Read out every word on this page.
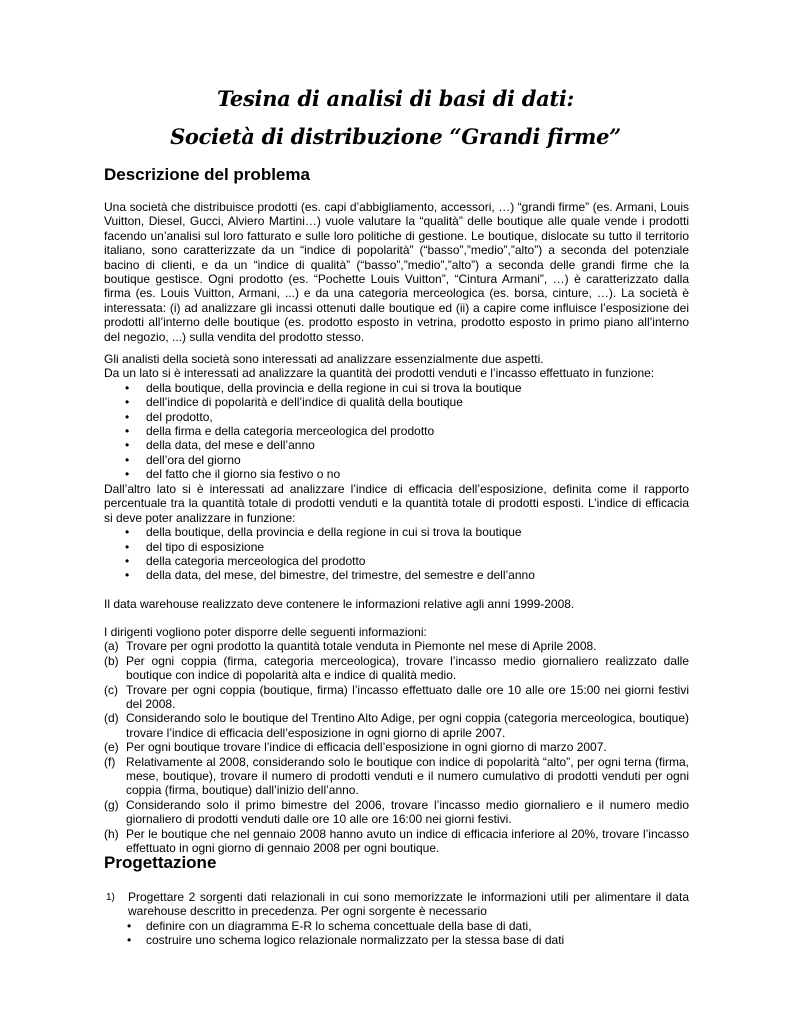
Tesina di analisi di basi di dati:
Società di distribuzione “Grandi firme”
Descrizione del problema

Una società che distribuisce prodotti (es. capi d’abbigliamento, accessori, …) “grandi firme” (es. Armani, Louis Vuitton, Diesel, Gucci, Alviero Martini…) vuole valutare la “qualità” delle boutique alle quale vende i prodotti facendo un’analisi sul loro fatturato e sulle loro politiche di gestione. Le boutique, dislocate su tutto il territorio italiano, sono caratterizzate da un “indice di popolarità” (“basso”,”medio”,”alto”) a seconda del potenziale bacino di clienti, e da un “indice di qualità” (“basso”,”medio”,”alto”) a seconda delle grandi firme che la boutique gestisce. Ogni prodotto (es. “Pochette Louis Vuitton”, “Cintura Armani”, …) è caratterizzato dalla firma (es. Louis Vuitton, Armani, ...) e da una categoria merceologica (es. borsa, cinture, …). La società è interessata: (i) ad analizzare gli incassi ottenuti dalle boutique ed (ii) a capire come influisce l’esposizione dei prodotti all’interno delle boutique (es. prodotto esposto in vetrina, prodotto esposto in primo piano all’interno del negozio, ...) sulla vendita del prodotto stesso.

Gli analisti della società sono interessati ad analizzare essenzialmente due aspetti.
Da un lato si è interessati ad analizzare la quantità dei prodotti venduti e l’incasso effettuato in funzione:
• della boutique, della provincia e della regione in cui si trova la boutique
• dell’indice di popolarità e dell’indice di qualità della boutique
• del prodotto,
• della firma e della categoria merceologica del prodotto
• della data, del mese e dell’anno
• dell’ora del giorno
• del fatto che il giorno sia festivo o no

Dall’altro lato si è interessati ad analizzare l’indice di efficacia dell’esposizione, definita come il rapporto percentuale tra la quantità totale di prodotti venduti e la quantità totale di prodotti esposti. L’indice di efficacia si deve poter analizzare in funzione:

• della boutique, della provincia e della regione in cui si trova la boutique
• del tipo di esposizione
• della categoria merceologica del prodotto
• della data, del mese, del bimestre, del trimestre, del semestre e dell’anno
Il data warehouse realizzato deve contenere le informazioni relative agli anni 1999-2008.
I dirigenti vogliono poter disporre delle seguenti informazioni:
(a) Trovare per ogni prodotto la quantità totale venduta in Piemonte nel mese di Aprile 2008.
(b) Per ogni coppia (firma, categoria merceologica), trovare l’incasso medio giornaliero realizzato dalle boutique con indice di popolarità alta e indice di qualità medio.
(c) Trovare per ogni coppia (boutique, firma) l’incasso effettuato dalle ore 10 alle ore 15:00 nei giorni festivi del 2008.
(d) Considerando solo le boutique del Trentino Alto Adige, per ogni coppia (categoria merceologica, boutique) trovare l’indice di efficacia dell’esposizione in ogni giorno di aprile 2007.
(e) Per ogni boutique trovare l’indice di efficacia dell’esposizione in ogni giorno di marzo 2007.
(f) Relativamente al 2008, considerando solo le boutique con indice di popolarità “alto”, per ogni terna (firma, mese, boutique), trovare il numero di prodotti venduti e il numero cumulativo di prodotti venduti per ogni coppia (firma, boutique) dall’inizio dell’anno.
(g) Considerando solo il primo bimestre del 2006, trovare l’incasso medio giornaliero e il numero medio giornaliero di prodotti venduti dalle ore 10 alle ore 16:00 nei giorni festivi.
(h) Per le boutique che nel gennaio 2008 hanno avuto un indice di efficacia inferiore al 20%, trovare l’incasso effettuato in ogni giorno di gennaio 2008 per ogni boutique.
Progettazione
1) Progettare 2 sorgenti dati relazionali in cui sono memorizzate le informazioni utili per alimentare il data warehouse descritto in precedenza. Per ogni sorgente è necessario
• definire con un diagramma E-R lo schema concettuale della base di dati,
• costruire uno schema logico relazionale normalizzato per la stessa base di dati
